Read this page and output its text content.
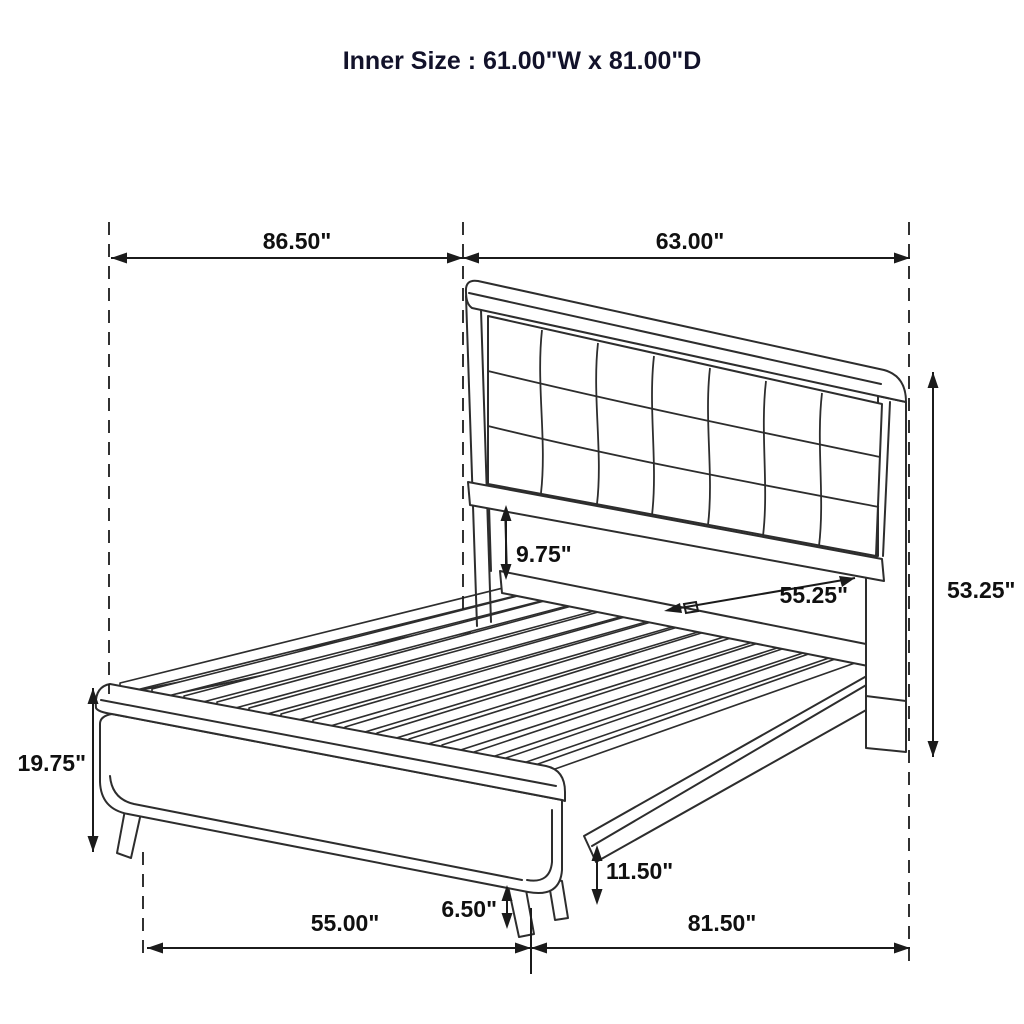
86.50"	63.00"
53.25"
9.75"
55.25"
19.75"
11.50"
6.50"
55.00"	81.50"
Inner Size : 61.00"W x 81.00"D
